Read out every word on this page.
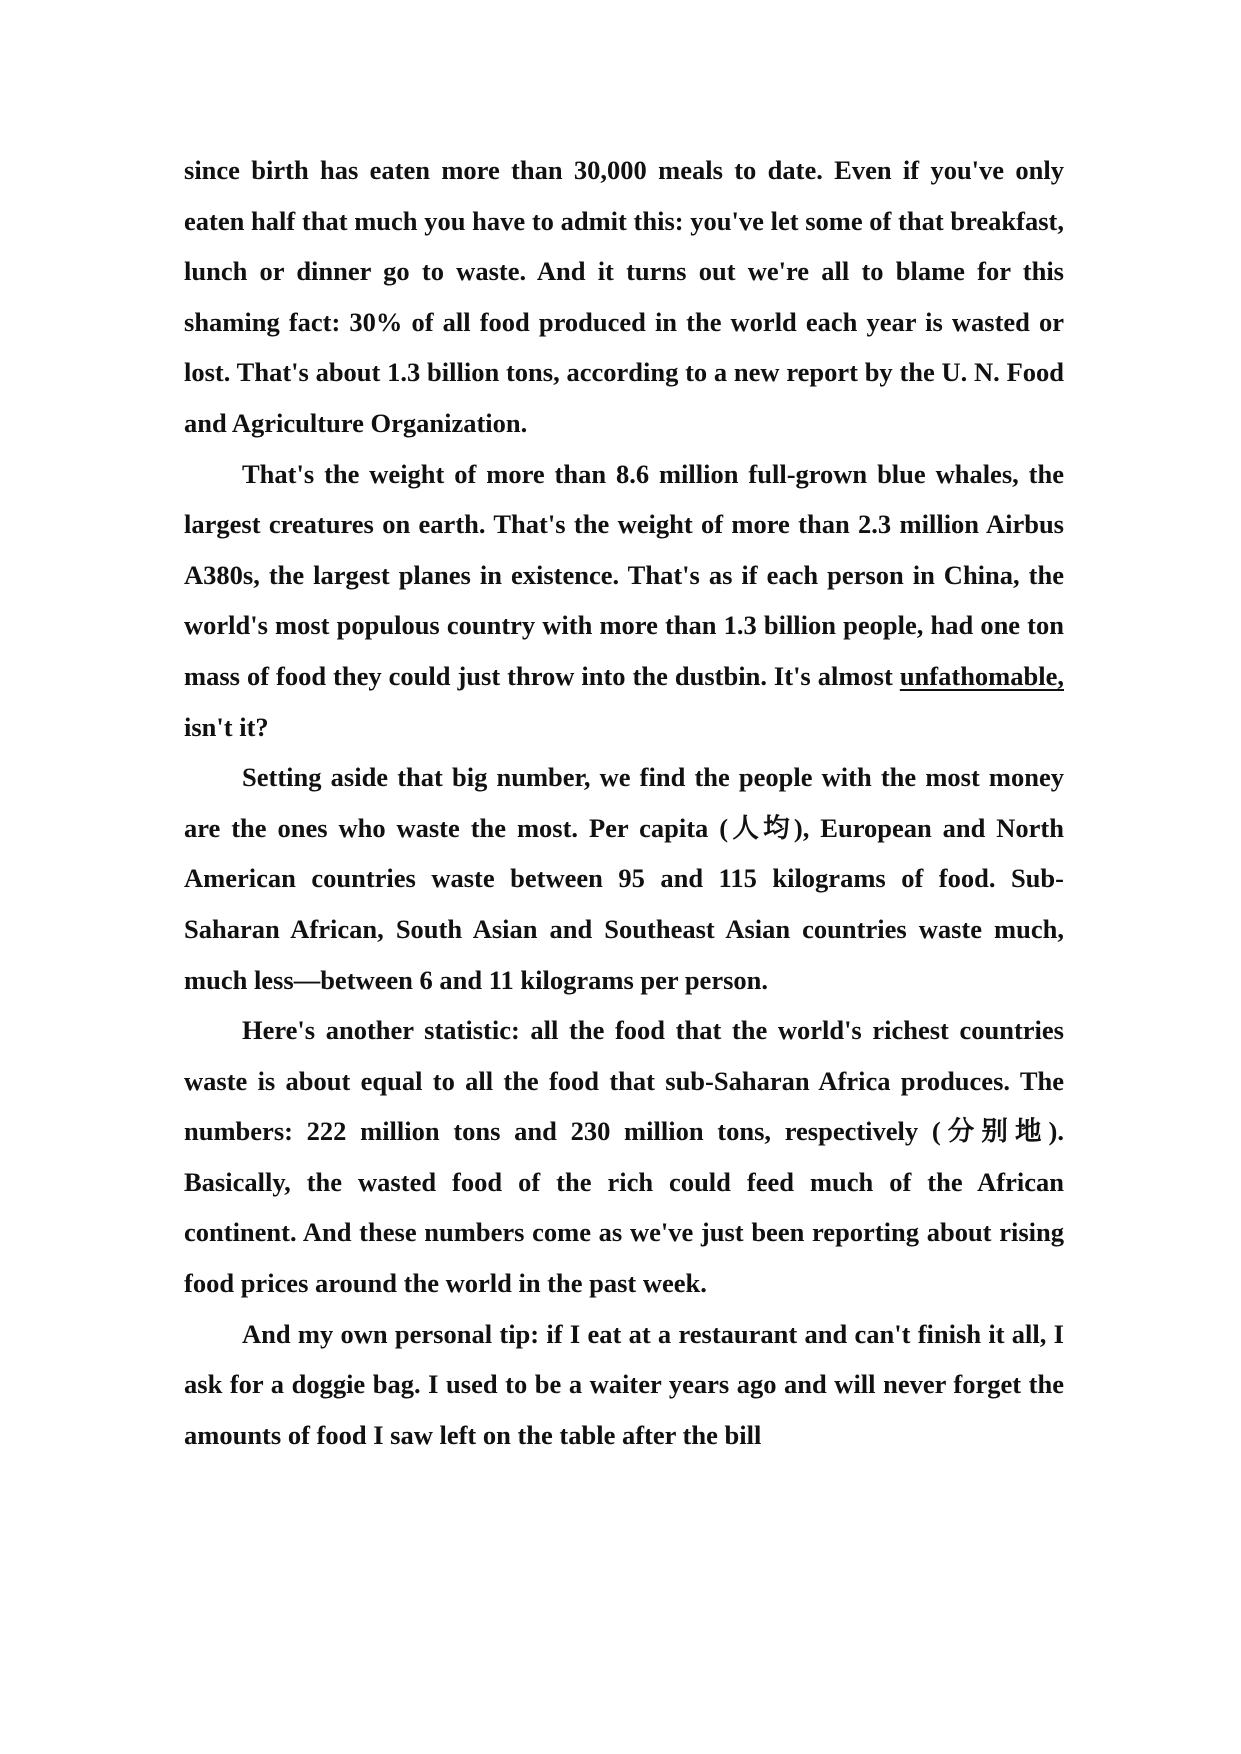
since birth has eaten more than 30,000 meals to date. Even if you've only eaten half that much you have to admit this: you've let some of that breakfast, lunch or dinner go to waste. And it turns out we're all to blame for this shaming fact: 30% of all food produced in the world each year is wasted or lost. That's about 1.3 billion tons, according to a new report by the U. N. Food and Agriculture Organization.

That's the weight of more than 8.6 million full-grown blue whales, the largest creatures on earth. That's the weight of more than 2.3 million Airbus A380s, the largest planes in existence. That's as if each person in China, the world's most populous country with more than 1.3 billion people, had one ton mass of food they could just throw into the dustbin. It's almost unfathomable, isn't it?

Setting aside that big number, we find the people with the most money are the ones who waste the most. Per capita (人均), European and North American countries waste between 95 and 115 kilograms of food. Sub-Saharan African, South Asian and Southeast Asian countries waste much, much less—between 6 and 11 kilograms per person.

Here's another statistic: all the food that the world's richest countries waste is about equal to all the food that sub-Saharan Africa produces. The numbers: 222 million tons and 230 million tons, respectively (分别地). Basically, the wasted food of the rich could feed much of the African continent. And these numbers come as we've just been reporting about rising food prices around the world in the past week.

And my own personal tip: if I eat at a restaurant and can't finish it all, I ask for a doggie bag. I used to be a waiter years ago and will never forget the amounts of food I saw left on the table after the bill
